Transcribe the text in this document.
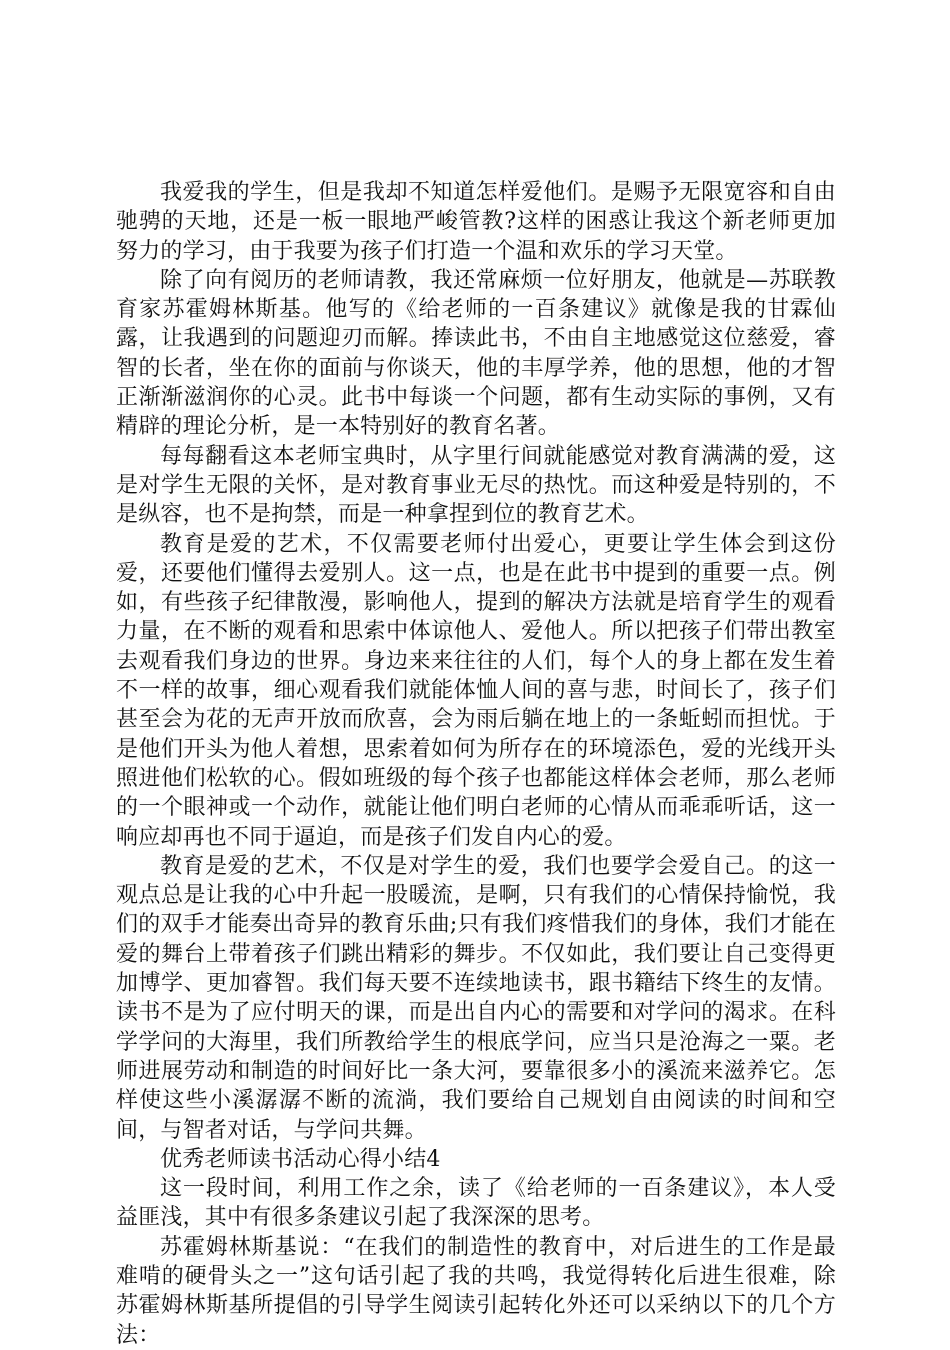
我爱我的学生，但是我却不知道怎样爱他们。是赐予无限宽容和自由驰骋的天地，还是一板一眼地严峻管教?这样的困惑让我这个新老师更加努力的学习，由于我要为孩子们打造一个温和欢乐的学习天堂。

除了向有阅历的老师请教，我还常麻烦一位好朋友，他就是—苏联教育家苏霍姆林斯基。他写的《给老师的一百条建议》就像是我的甘霖仙露，让我遇到的问题迎刃而解。捧读此书，不由自主地感觉这位慈爱，睿智的长者，坐在你的面前与你谈天，他的丰厚学养，他的思想，他的才智正渐渐滋润你的心灵。此书中每谈一个问题，都有生动实际的事例，又有精辟的理论分析，是一本特别好的教育名著。

每每翻看这本老师宝典时，从字里行间就能感觉对教育满满的爱，这是对学生无限的关怀，是对教育事业无尽的热忱。而这种爱是特别的，不是纵容，也不是拘禁，而是一种拿捏到位的教育艺术。

教育是爱的艺术，不仅需要老师付出爱心，更要让学生体会到这份爱，还要他们懂得去爱别人。这一点，也是在此书中提到的重要一点。例如，有些孩子纪律散漫，影响他人，提到的解决方法就是培育学生的观看力量，在不断的观看和思索中体谅他人、爱他人。所以把孩子们带出教室去观看我们身边的世界。身边来来往往的人们，每个人的身上都在发生着不一样的故事，细心观看我们就能体恤人间的喜与悲，时间长了，孩子们甚至会为花的无声开放而欣喜，会为雨后躺在地上的一条蚯蚓而担忧。于是他们开头为他人着想，思索着如何为所存在的环境添色，爱的光线开头照进他们松软的心。假如班级的每个孩子也都能这样体会老师，那么老师的一个眼神或一个动作，就能让他们明白老师的心情从而乖乖听话，这一响应却再也不同于逼迫，而是孩子们发自内心的爱。

教育是爱的艺术，不仅是对学生的爱，我们也要学会爱自己。的这一观点总是让我的心中升起一股暖流，是啊，只有我们的心情保持愉悦，我们的双手才能奏出奇异的教育乐曲;只有我们疼惜我们的身体，我们才能在爱的舞台上带着孩子们跳出精彩的舞步。不仅如此，我们要让自己变得更加博学、更加睿智。我们每天要不连续地读书，跟书籍结下终生的友情。读书不是为了应付明天的课，而是出自内心的需要和对学问的渴求。在科学学问的大海里，我们所教给学生的根底学问，应当只是沧海之一粟。老师进展劳动和制造的时间好比一条大河，要靠很多小的溪流来滋养它。怎样使这些小溪潺潺不断的流淌，我们要给自己规划自由阅读的时间和空间，与智者对话，与学问共舞。

优秀老师读书活动心得小结4

这一段时间，利用工作之余，读了《给老师的一百条建议》，本人受益匪浅，其中有很多条建议引起了我深深的思考。

苏霍姆林斯基说：“在我们的制造性的教育中，对后进生的工作是最难啃的硬骨头之一”这句话引起了我的共鸣，我觉得转化后进生很难，除苏霍姆林斯基所提倡的引导学生阅读引起转化外还可以采纳以下的几个方法：
